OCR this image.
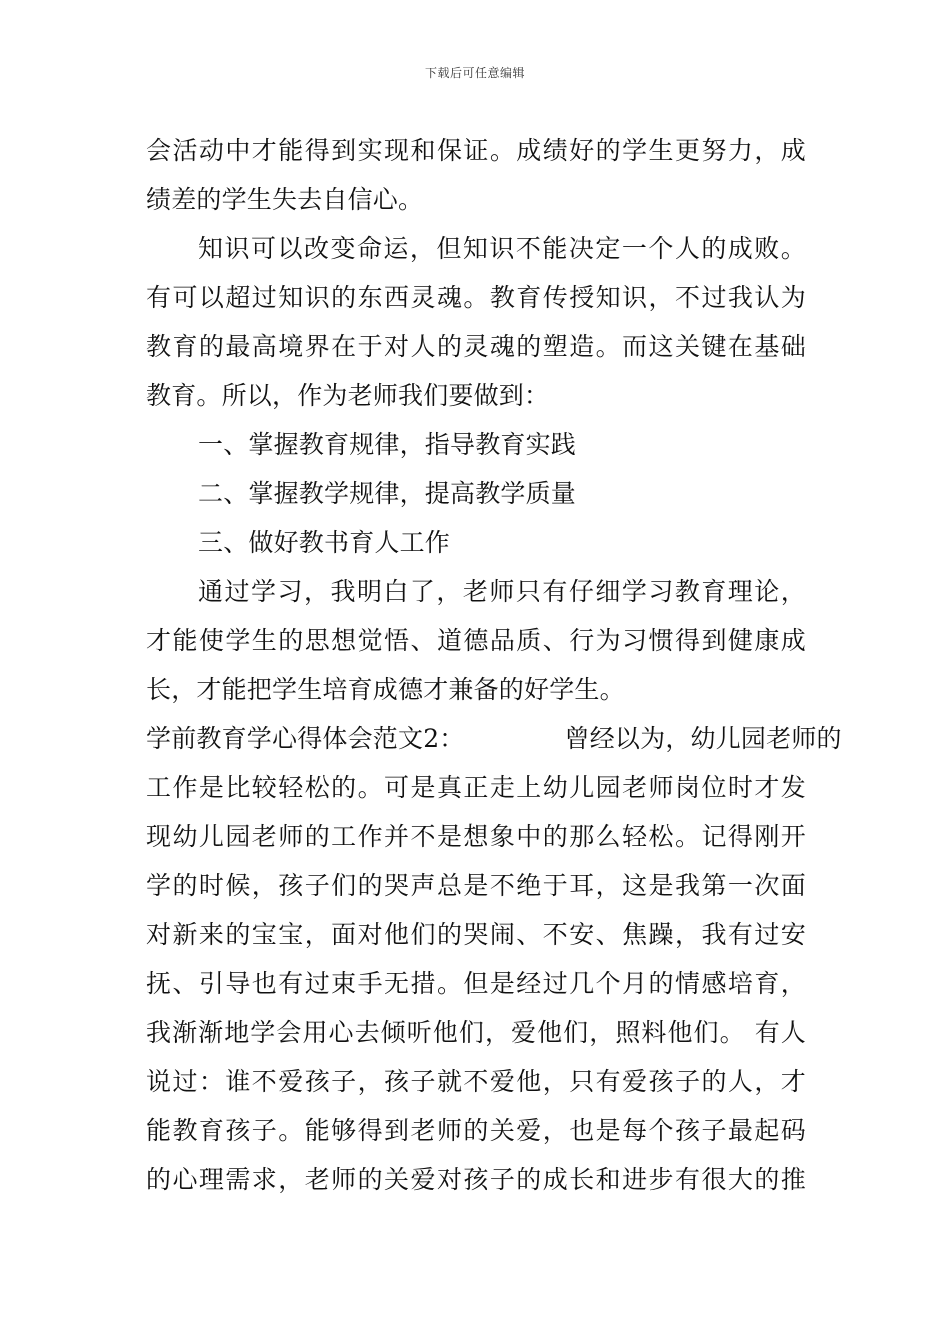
下载后可任意编辑
会活动中才能得到实现和保证。成绩好的学生更努力，成
绩差的学生失去自信心。
知识可以改变命运，但知识不能决定一个人的成败。
有可以超过知识的东西灵魂。教育传授知识，不过我认为
教育的最高境界在于对人的灵魂的塑造。而这关键在基础
教育。所以，作为老师我们要做到：
一、掌握教育规律，指导教育实践
二、掌握教学规律，提高教学质量
三、做好教书育人工作
通过学习，我明白了，老师只有仔细学习教育理论，
才能使学生的思想觉悟、道德品质、行为习惯得到健康成
长，才能把学生培育成德才兼备的好学生。
学前教育学心得体会范文2：	曾经以为，幼儿园老师的
工作是比较轻松的。可是真正走上幼儿园老师岗位时才发
现幼儿园老师的工作并不是想象中的那么轻松。记得刚开
学的时候，孩子们的哭声总是不绝于耳，这是我第一次面
对新来的宝宝，面对他们的哭闹、不安、焦躁，我有过安
抚、引导也有过束手无措。但是经过几个月的情感培育，
我渐渐地学会用心去倾听他们，爱他们，照料他们。 有人
说过：谁不爱孩子，孩子就不爱他，只有爱孩子的人，才
能教育孩子。能够得到老师的关爱，也是每个孩子最起码
的心理需求，老师的关爱对孩子的成长和进步有很大的推
